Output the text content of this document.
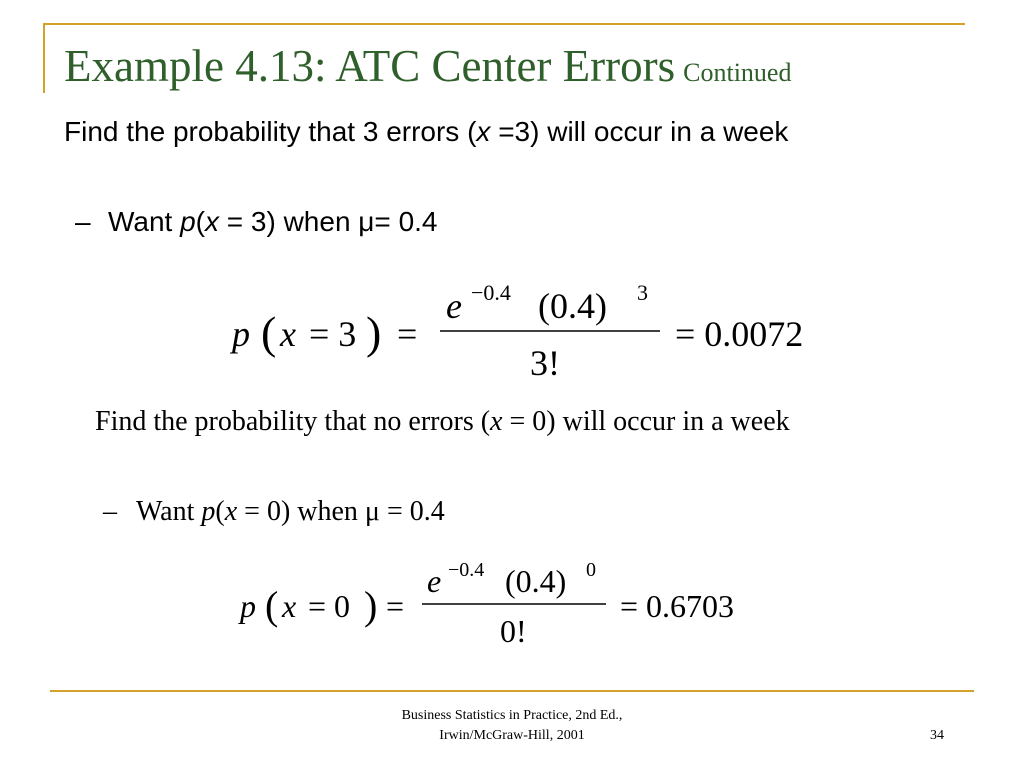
Example 4.13: ATC Center Errors Continued
Find the probability that 3 errors (x =3) will occur in a week
– Want p(x = 3) when μ= 0.4
p ( x = 3 ) =
e −0.4 (0.4) 3
3!
= 0.0072
Find the probability that no errors (x = 0) will occur in a week
– Want p(x = 0) when μ = 0.4
p ( x = 0 ) =
e −0.4 (0.4) 0
0!
= 0.6703
Business Statistics in Practice, 2nd Ed.,
Irwin/McGraw-Hill, 2001	34
